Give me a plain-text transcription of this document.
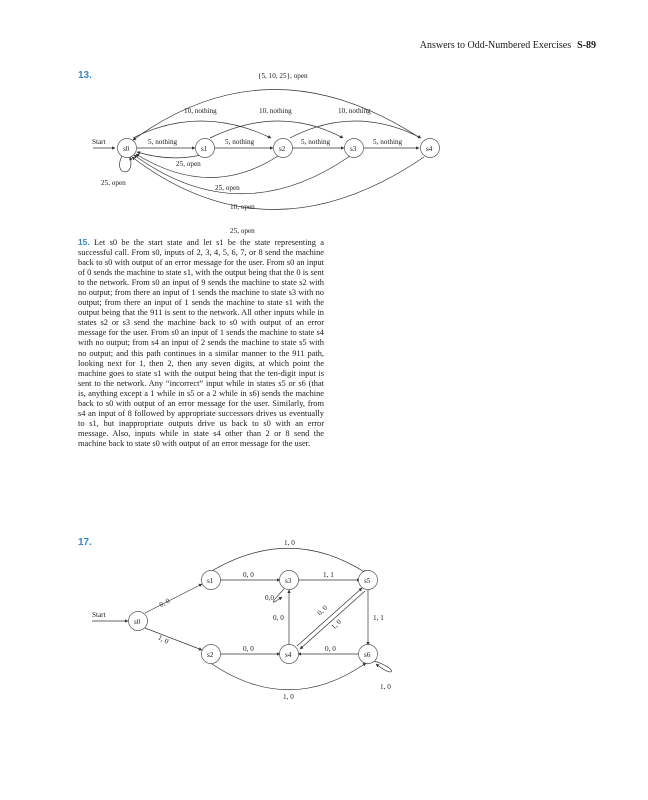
Answers to Odd-Numbered Exercises S-89
13.
Start
{5, 10, 25}, open
10, nothing	10, nothing	10, nothing
5, nothing	5, nothing	5, nothing	5, nothing
25, open
25, open
25, open
10, open
25, open
s0	s1	s2	s3	s4

15. Let s0 be the start state and let s1 be the state representing a successful call. From s0, inputs of 2, 3, 4, 5, 6, 7, or 8 send the machine back to s0 with output of an error message for the user. From s0 an input of 0 sends the machine to state s1, with the output being that the 0 is sent to the network. From s0 an input of 9 sends the machine to state s2 with no output; from there an input of 1 sends the machine to state s3 with no output; from there an input of 1 sends the machine to state s1 with the output being that the 911 is sent to the network. All other inputs while in states s2 or s3 send the machine back to s0 with output of an error message for the user. From s0 an input of 1 sends the machine to state s4 with no output; from s4 an input of 2 sends the machine to state s5 with no output; and this path continues in a similar manner to the 911 path, looking next for 1, then 2, then any seven digits, at which point the machine goes to state s1 with the output being that the ten-digit input is sent to the network. Any “incorrect” input while in states s5 or s6 (that is, anything except a 1 while in s5 or a 2 while in s6) sends the machine back to s0 with output of an error message for the user. Similarly, from s4 an input of 8 followed by appropriate successors drives us eventually to s1, but inappropriate outputs drive us back to s0 with an error message. Also, inputs while in state s4 other than 2 or 8 send the machine back to state s0 with output of an error message for the user.

17.
Start
1, 0
1, 0
0, 0
1, 0
0, 0	1, 1
0, 0	0, 0
0,0
0, 0
0, 0
1, 0	1, 1
1, 0
s0
s1
s2
s3
s4
s5
s6
